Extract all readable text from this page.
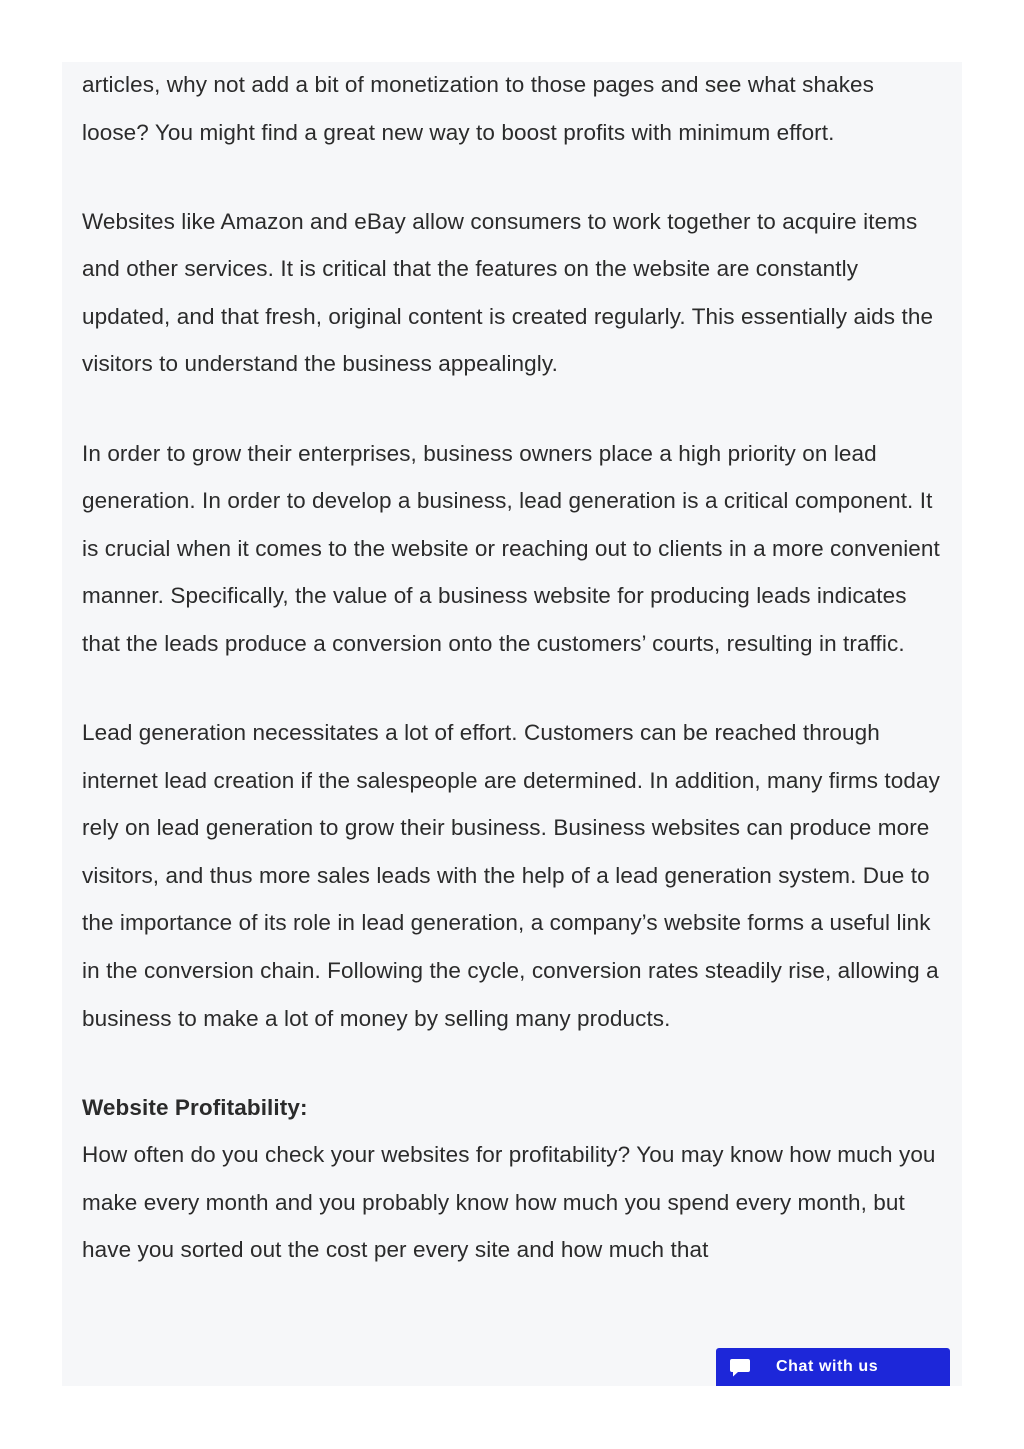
articles, why not add a bit of monetization to those pages and see what shakes loose? You might find a great new way to boost profits with minimum effort.

Websites like Amazon and eBay allow consumers to work together to acquire items and other services. It is critical that the features on the website are constantly updated, and that fresh, original content is created regularly. This essentially aids the visitors to understand the business appealingly.

In order to grow their enterprises, business owners place a high priority on lead generation. In order to develop a business, lead generation is a critical component. It is crucial when it comes to the website or reaching out to clients in a more convenient manner. Specifically, the value of a business website for producing leads indicates that the leads produce a conversion onto the customers’ courts, resulting in traffic.

Lead generation necessitates a lot of effort. Customers can be reached through internet lead creation if the salespeople are determined. In addition, many firms today rely on lead generation to grow their business. Business websites can produce more visitors, and thus more sales leads with the help of a lead generation system. Due to the importance of its role in lead generation, a company’s website forms a useful link in the conversion chain. Following the cycle, conversion rates steadily rise, allowing a business to make a lot of money by selling many products.

Website Profitability:

How often do you check your websites for profitability? You may know how much you make every month and you probably know how much you spend every month, but have you sorted out the cost per every site and how much that

Chat with us
